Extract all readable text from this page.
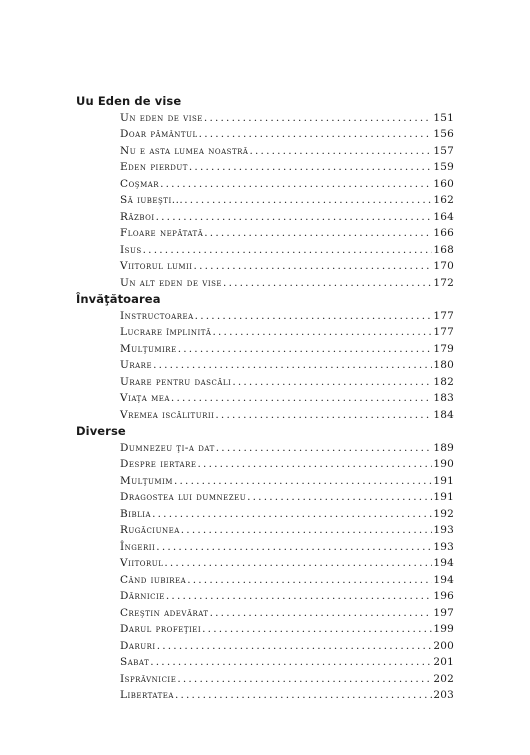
Uu Eden de vise
Un eden de vise .....	151
Doar pământul .....	156
Nu e asta lumea noastră .....	157
Eden pierdut .....	159
Coşmar .....	160
Să iubeşti... .....	162
Război .....	164
Floare nepătată .....	166
Isus .....	168
Viitorul lumii .....	170
Un alt eden de vise .....	172
Învăţătoarea
Instructoarea .....	177
Lucrare împlinită .....	177
Mulţumire .....	179
Urare .....	180
Urare pentru dascăli .....	182
Viaţa mea .....	183
Vremea iscăliturii .....	184
Diverse
Dumnezeu ţi-a dat .....	189
Despre iertare .....	190
Mulţumim .....	191
Dragostea lui dumnezeu .....	191
Biblia .....	192
Rugăciunea .....	193
Îngerii .....	193
Viitorul .....	194
Când iubirea .....	194
Dărnicie .....	196
Creştin adevărat .....	197
Darul profeţiei .....	199
Daruri .....	200
Sabat .....	201
Isprăvnicie .....	202
Libertatea .....	203
